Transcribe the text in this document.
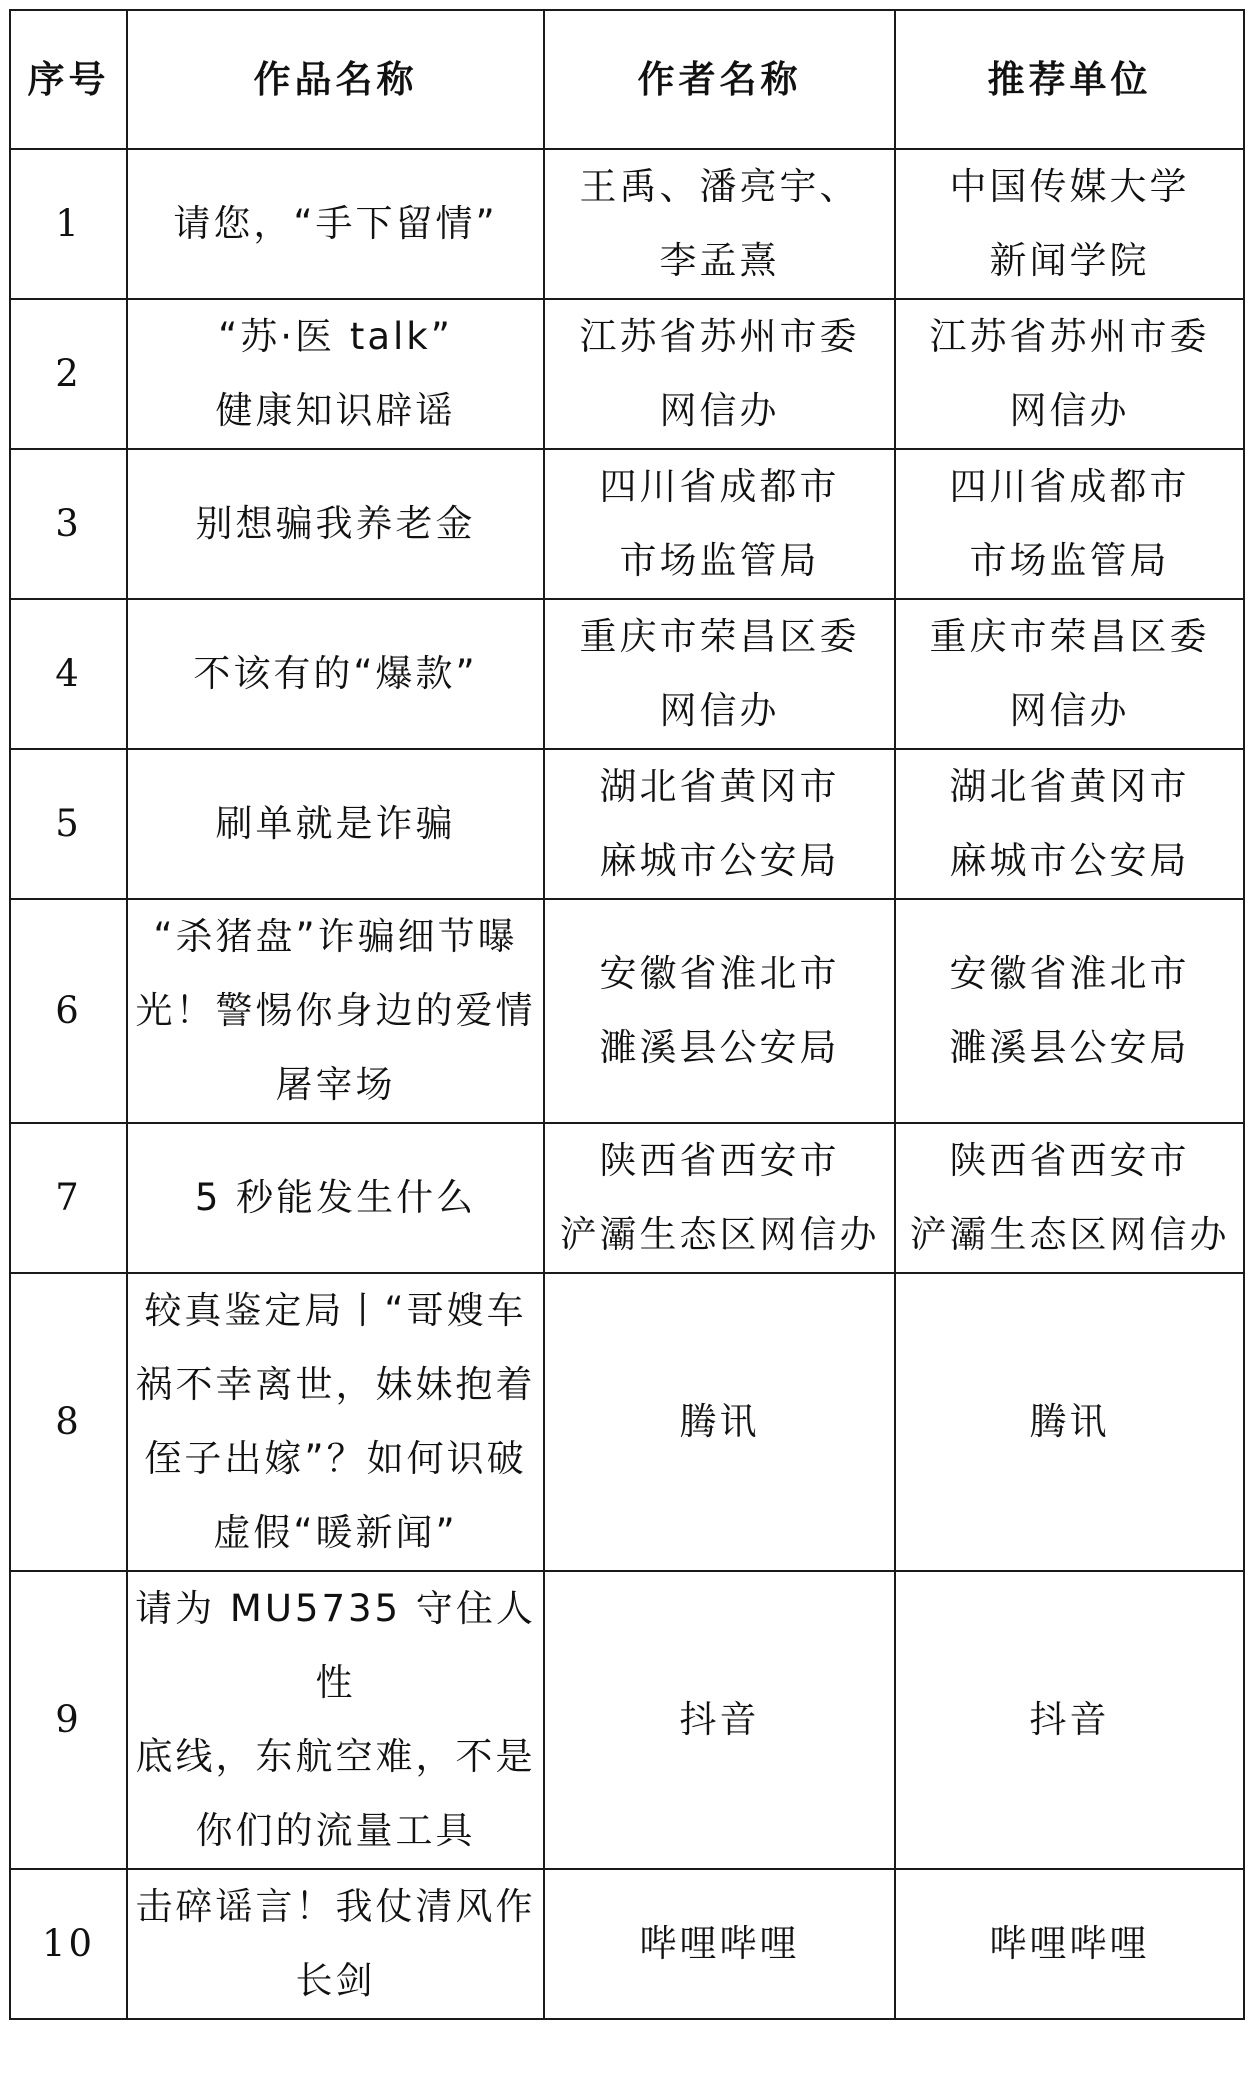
序号	作品名称	作者名称	推荐单位
1	请您，“手下留情”	王禹、潘亮宇、
李孟熹	中国传媒大学
新闻学院

2	“苏·医 talk”
健康知识辟谣	江苏省苏州市委
网信办	江苏省苏州市委
网信办

3	别想骗我养老金	四川省成都市
市场监管局	四川省成都市
市场监管局

4	不该有的“爆款”	重庆市荣昌区委
网信办	重庆市荣昌区委
网信办

5	刷单就是诈骗	湖北省黄冈市
麻城市公安局	湖北省黄冈市
麻城市公安局

6	“杀猪盘”诈骗细节曝
光！警惕你身边的爱情
屠宰场	安徽省淮北市
濉溪县公安局	安徽省淮北市
濉溪县公安局

7	5 秒能发生什么	陕西省西安市
浐灞生态区网信办	陕西省西安市
浐灞生态区网信办

8	较真鉴定局丨“哥嫂车
祸不幸离世，妹妹抱着
侄子出嫁”？如何识破
虚假“暖新闻”	腾讯	腾讯

9	请为 MU5735 守住人性
底线，东航空难，不是
你们的流量工具	抖音	抖音

10	击碎谣言！我仗清风作
长剑	哔哩哔哩	哔哩哔哩
